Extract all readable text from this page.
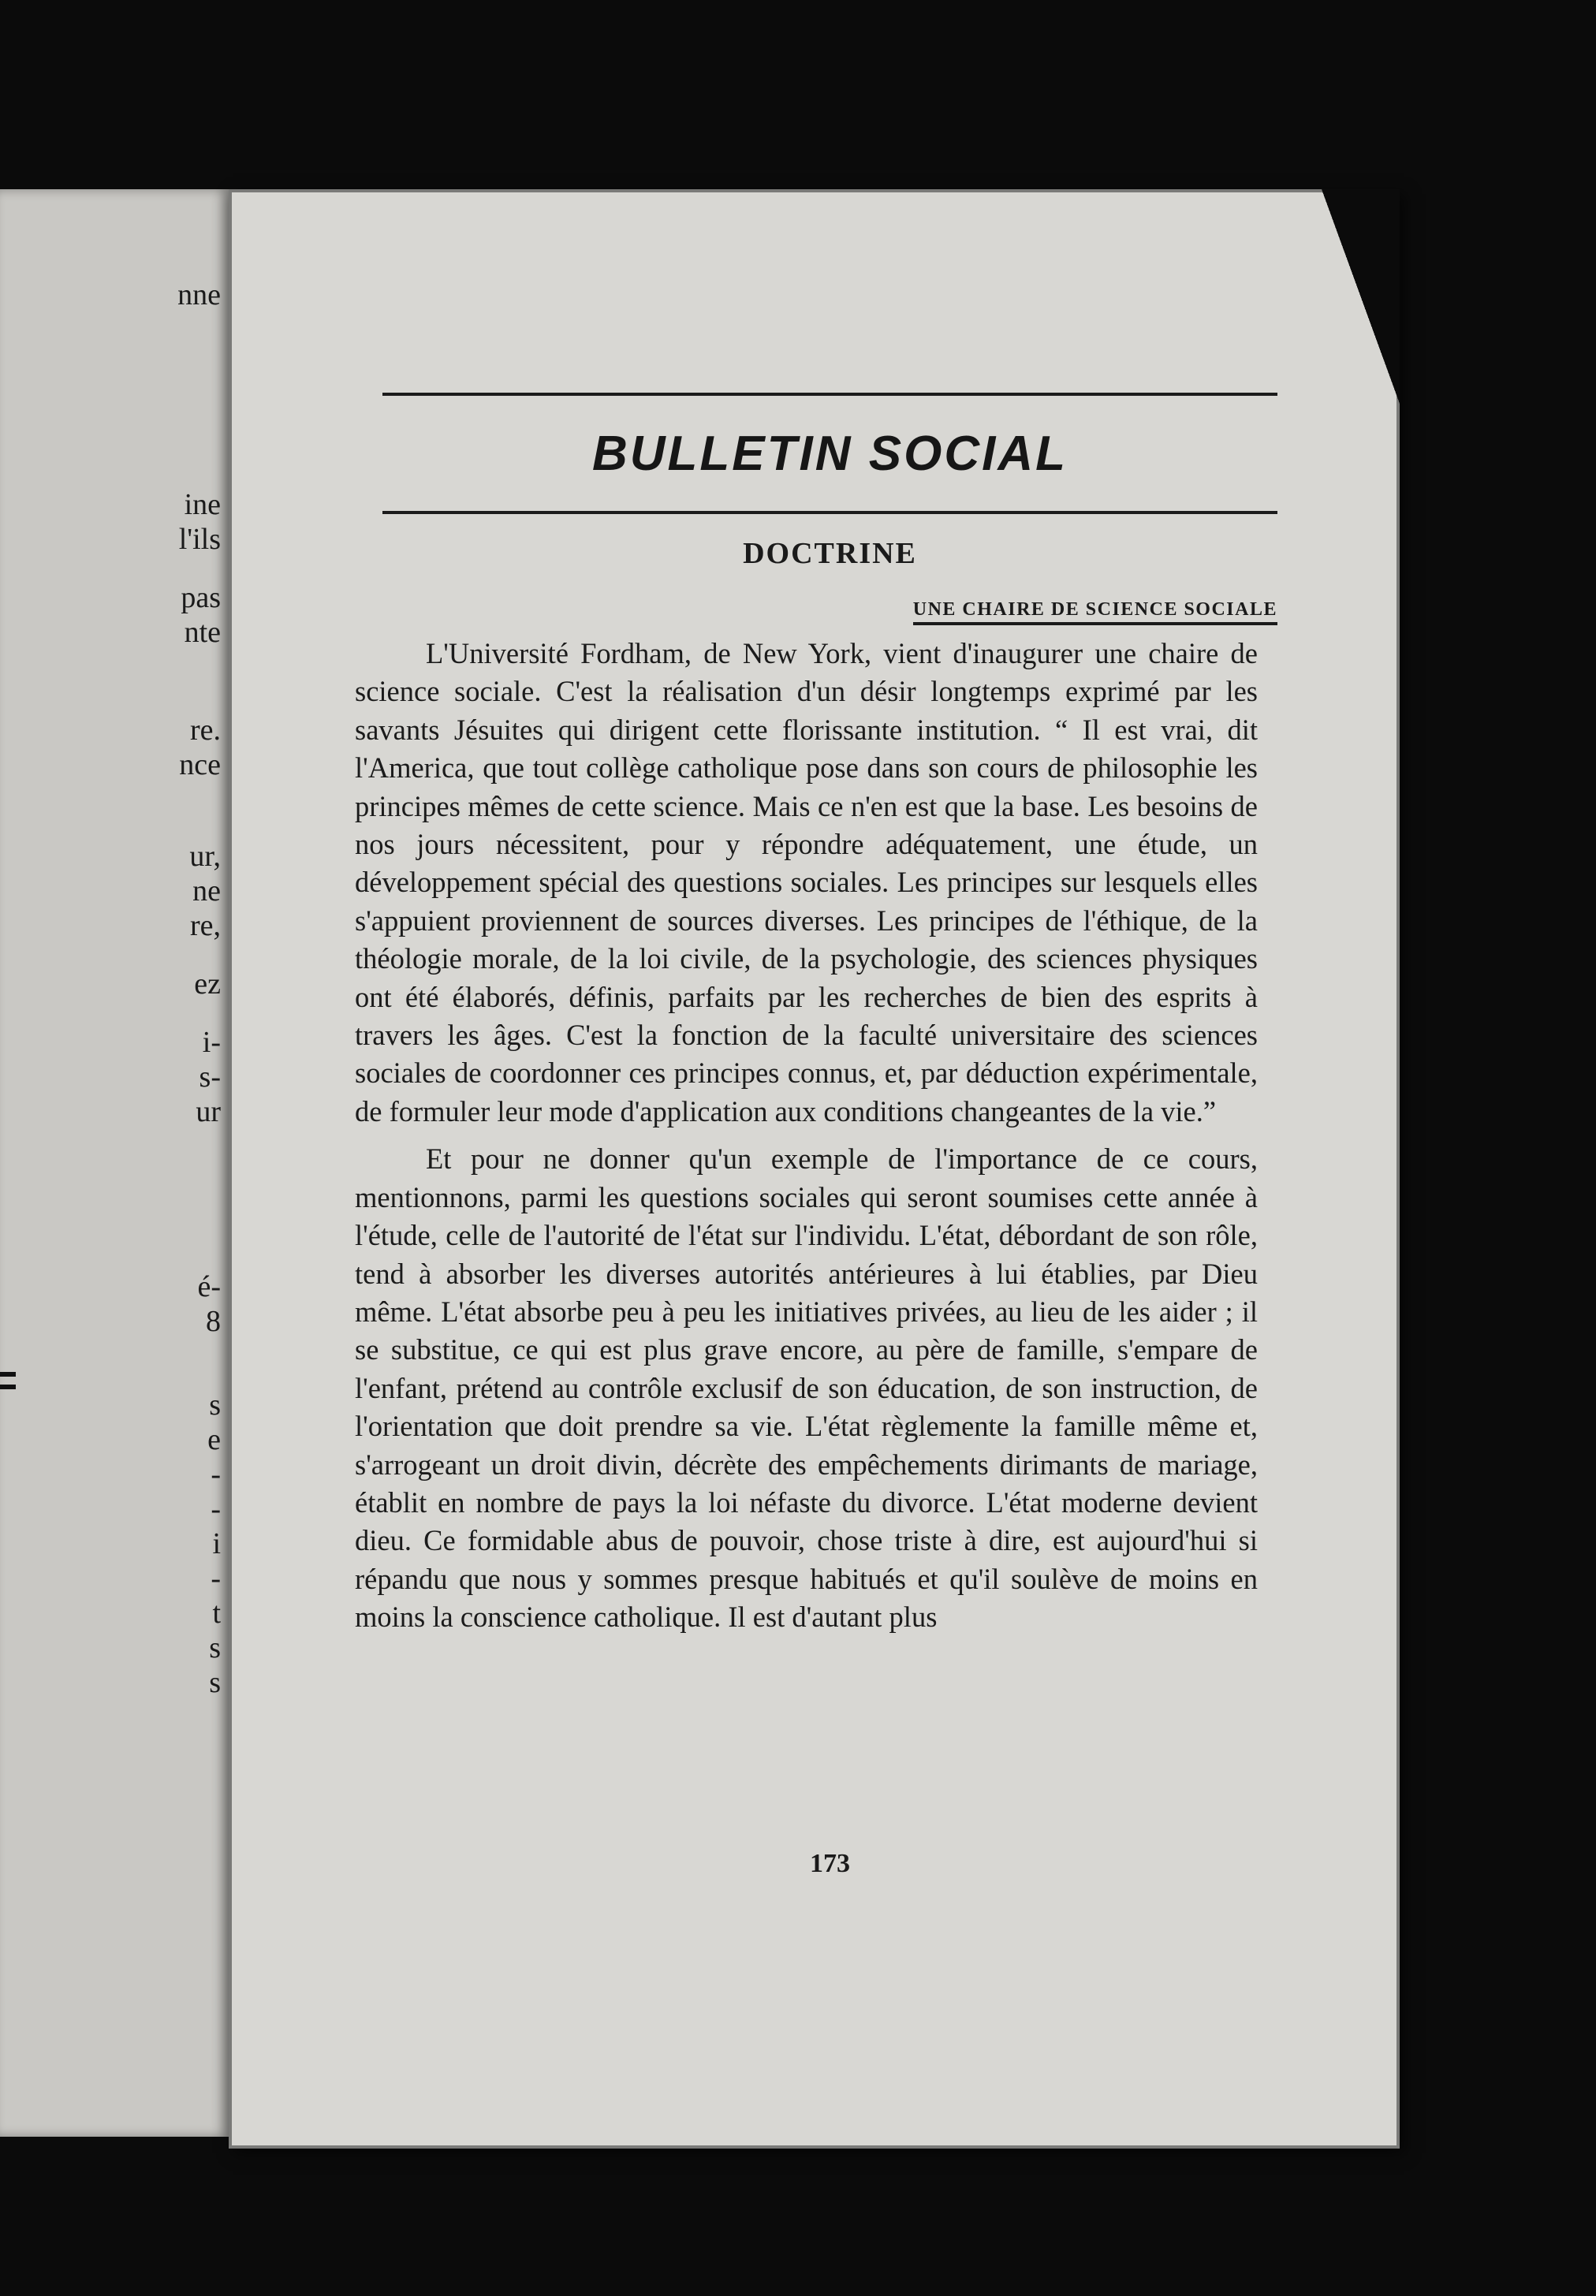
nne
ine
l'ils
pas
nte
re.
nce
ur,
ne
re,
ez
i-
s-
ur
é-
8
s
e
-
-
i
-
t
s
s
BULLETIN SOCIAL
DOCTRINE
UNE CHAIRE DE SCIENCE SOCIALE

L'Université Fordham, de New York, vient d'inaugurer une chaire de science sociale. C'est la réalisation d'un désir longtemps exprimé par les savants Jésuites qui dirigent cette florissante institution. “ Il est vrai, dit l'America, que tout collège catholique pose dans son cours de philosophie les principes mêmes de cette science. Mais ce n'en est que la base. Les besoins de nos jours nécessitent, pour y répondre adéquatement, une étude, un développement spécial des questions sociales. Les principes sur lesquels elles s'appuient proviennent de sources diverses. Les principes de l'éthique, de la théologie morale, de la loi civile, de la psychologie, des sciences physiques ont été élaborés, définis, parfaits par les recherches de bien des esprits à travers les âges. C'est la fonction de la faculté universitaire des sciences sociales de coordonner ces principes connus, et, par déduction expérimentale, de formuler leur mode d'application aux conditions changeantes de la vie.”

Et pour ne donner qu'un exemple de l'importance de ce cours, mentionnons, parmi les questions sociales qui seront soumises cette année à l'étude, celle de l'autorité de l'état sur l'individu. L'état, débordant de son rôle, tend à absorber les diverses autorités antérieures à lui établies, par Dieu même. L'état absorbe peu à peu les initiatives privées, au lieu de les aider ; il se substitue, ce qui est plus grave encore, au père de famille, s'empare de l'enfant, prétend au contrôle exclusif de son éducation, de son instruction, de l'orientation que doit prendre sa vie. L'état règlemente la famille même et, s'arrogeant un droit divin, décrète des empêchements dirimants de mariage, établit en nombre de pays la loi néfaste du divorce. L'état moderne devient dieu. Ce formidable abus de pouvoir, chose triste à dire, est aujourd'hui si répandu que nous y sommes presque habitués et qu'il soulève de moins en moins la conscience catholique. Il est d'autant plus

173
